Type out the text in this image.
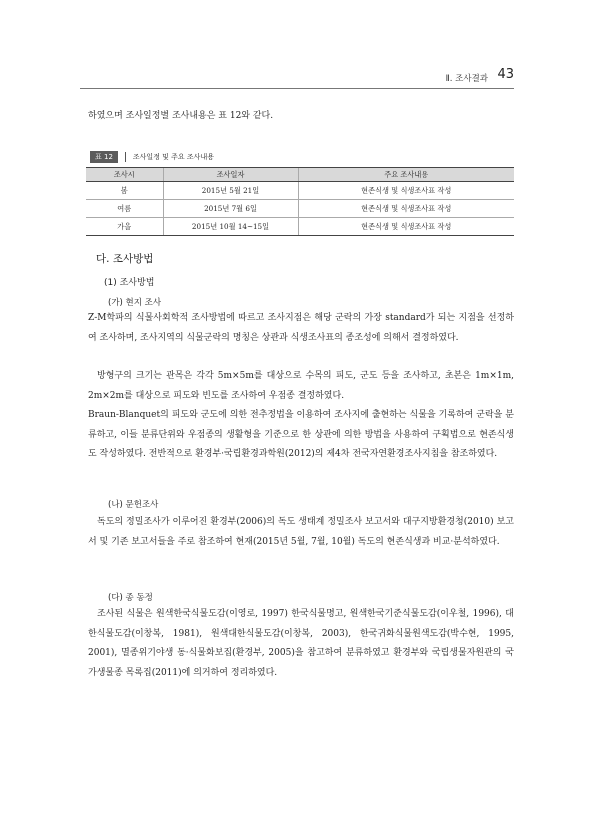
Ⅱ. 조사결과 43
하였으며 조사일정별 조사내용은 표 12와 같다.
표 12	조사일정 및 주요 조사내용
조사시	조사일자	주요 조사내용
봄	2015년 5월 21일	현존식생 및 식생조사표 작성
여름	2015년 7월 6일	현존식생 및 식생조사표 작성
가을	2015년 10월 14~15일	현존식생 및 식생조사표 작성
다. 조사방법
(1) 조사방법
(가) 현지 조사
Z-M학파의 식물사회학적 조사방법에 따르고 조사지점은 해당 군락의 가장 standard가 되는 지점을 선정하여 조사하며, 조사지역의 식물군락의 명칭은 상관과 식생조사표의 종조성에 의해서 결정하였다.
방형구의 크기는 관목은 각각 5m×5m를 대상으로 수목의 피도, 군도 등을 조사하고, 초본은 1m×1m, 2m×2m를 대상으로 피도와 빈도를 조사하여 우점종 결정하였다.
Braun-Blanquet의 피도와 군도에 의한 전추정법을 이용하여 조사지에 출현하는 식물을 기록하여 군락을 분류하고, 이들 분류단위와 우점종의 생활형을 기준으로 한 상관에 의한 방법을 사용하여 구획법으로 현존식생도 작성하였다. 전반적으로 환경부·국립환경과학원(2012)의 제4차 전국자연환경조사지침을 참조하였다.
(나) 문헌조사
독도의 정밀조사가 이루어진 환경부(2006)의 독도 생태계 정밀조사 보고서와 대구지방환경청(2010) 보고서 및 기존 보고서들을 주로 참조하여 현재(2015년 5월, 7월, 10월) 독도의 현존식생과 비교·분석하였다.
(다) 종 동정
조사된 식물은 원색한국식물도감(이영로, 1997) 한국식물명고, 원색한국기준식물도감(이우철, 1996), 대한식물도감(이창복, 1981), 원색대한식물도감(이창복, 2003), 한국귀화식물원색도감(박수현, 1995, 2001), 멸종위기야생 동·식물화보집(환경부, 2005)을 참고하여 분류하였고 환경부와 국립생물자원관의 국가생물종 목록집(2011)에 의거하여 정리하였다.
